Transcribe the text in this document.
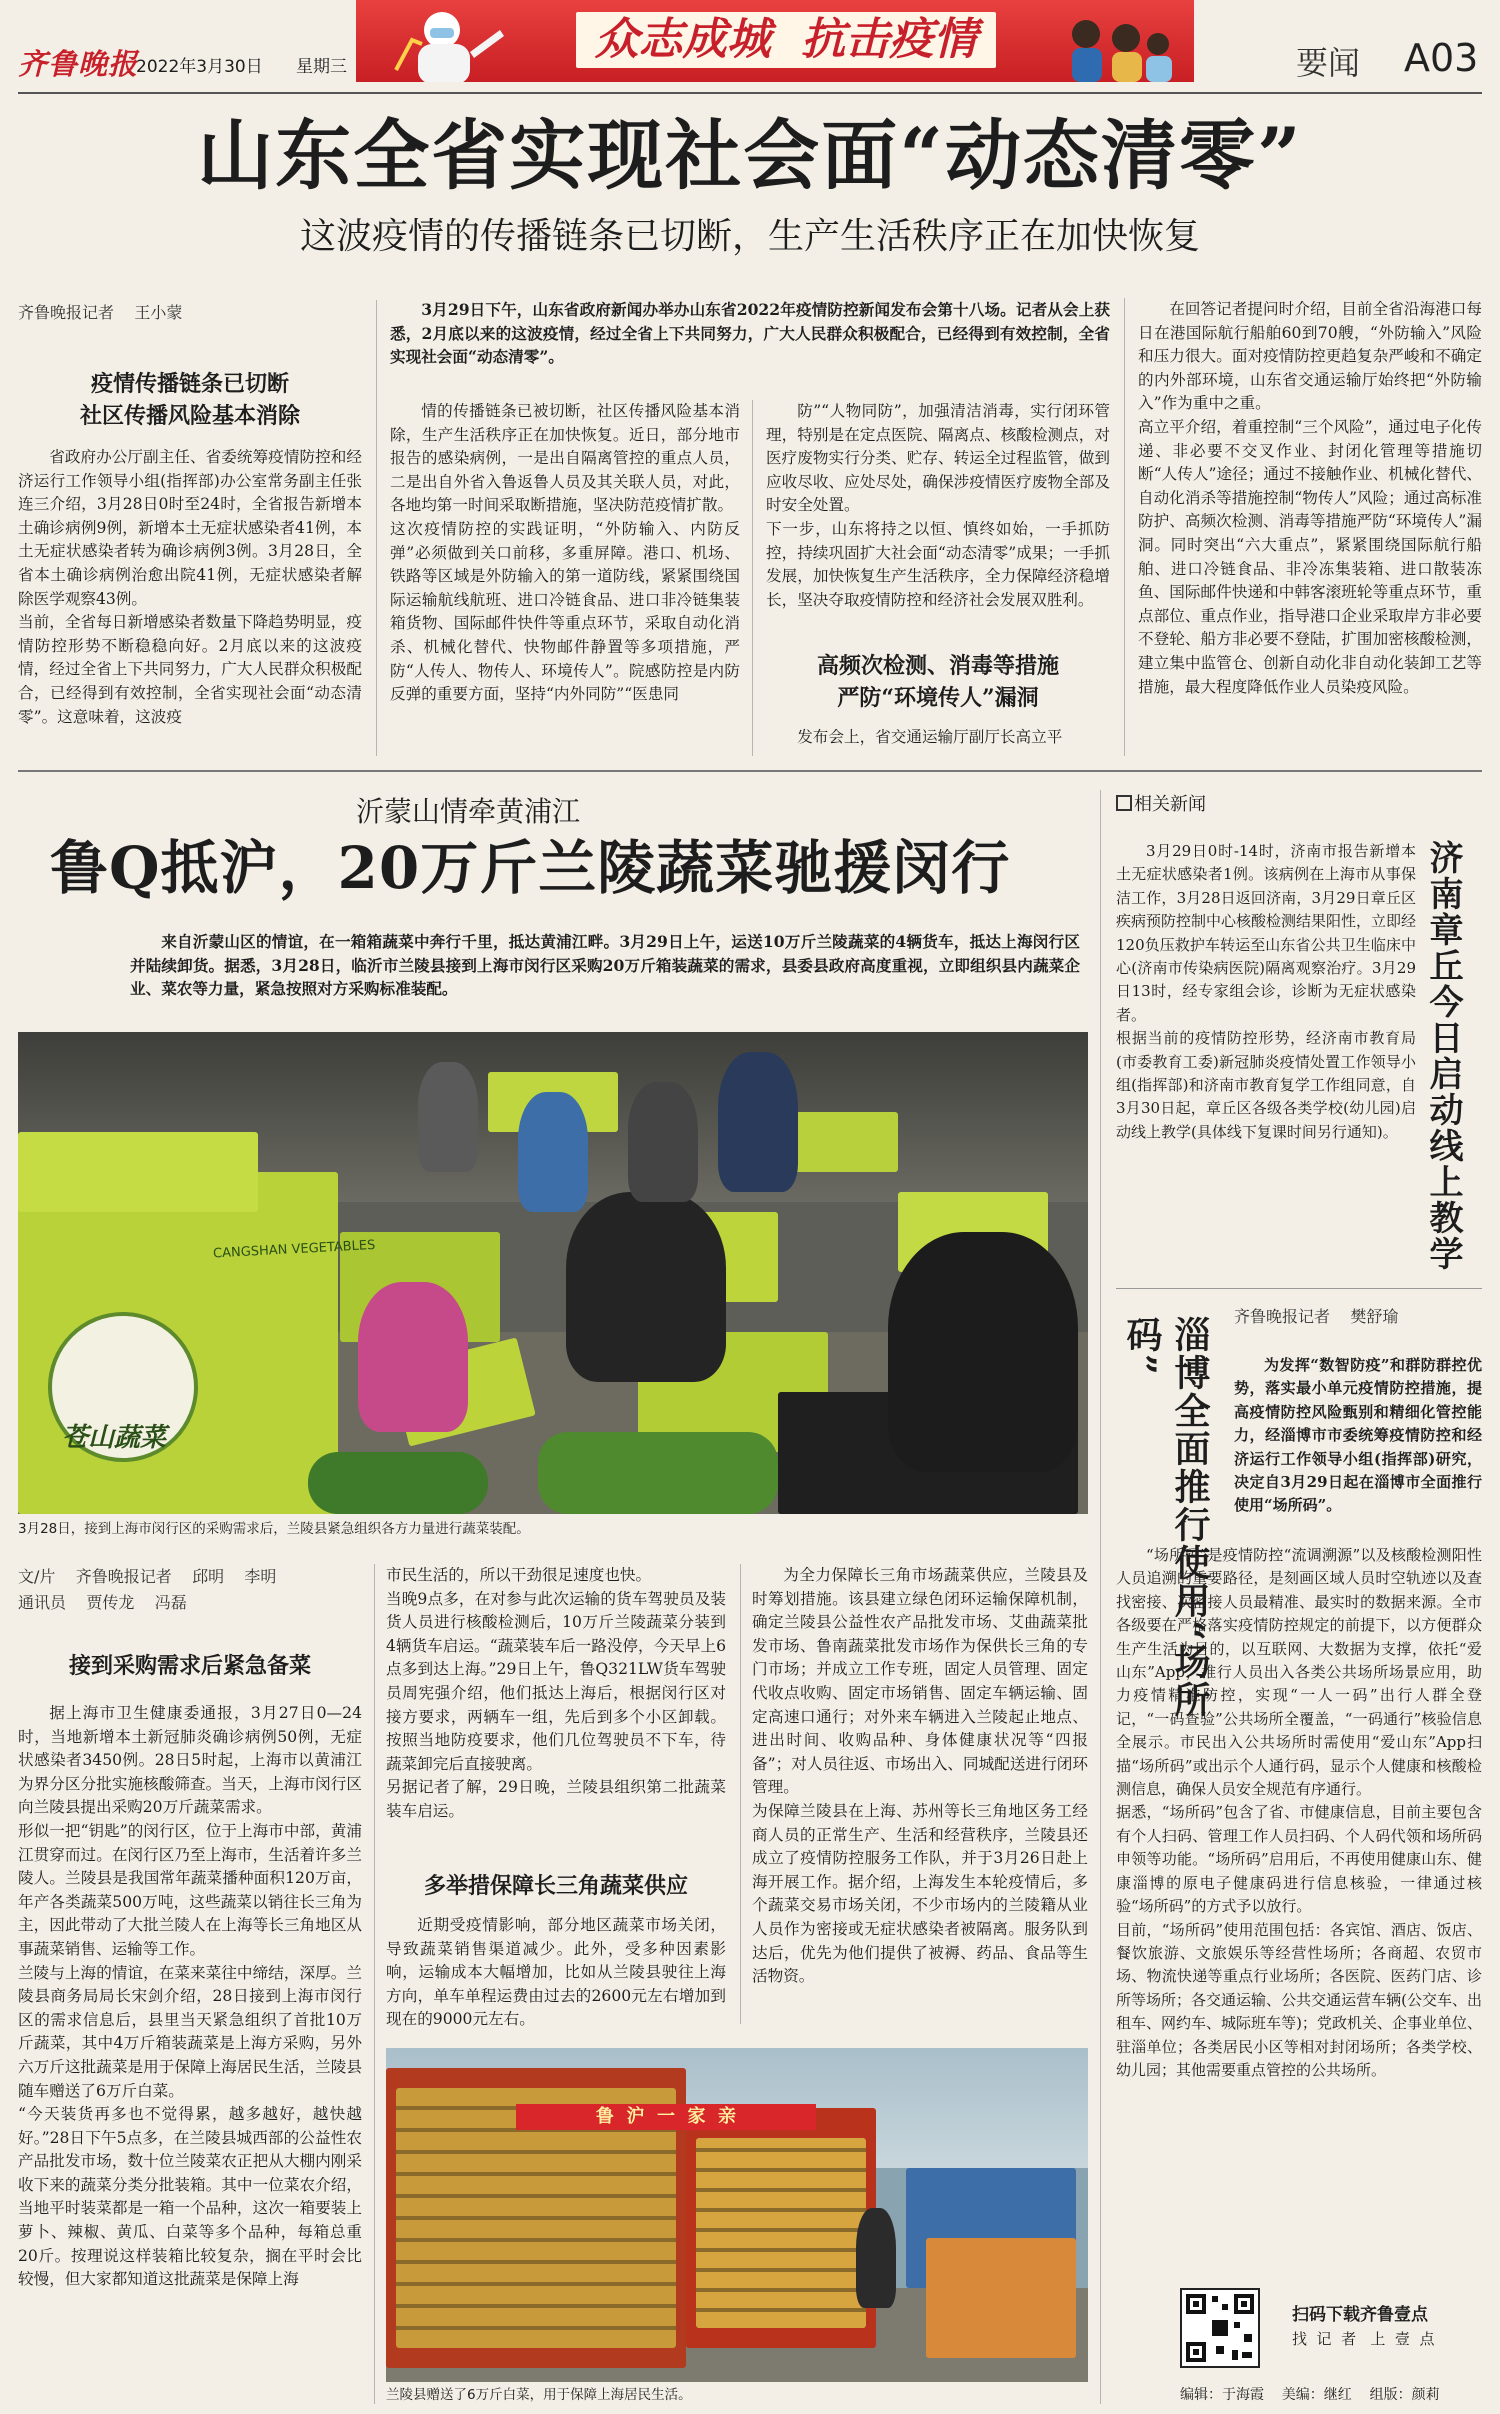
齐鲁晚报
2022年3月30日 星期三
众志成城  抗击疫情	要闻 A03
山东全省实现社会面“动态清零”
这波疫情的传播链条已切断，生产生活秩序正在加快恢复
齐鲁晚报记者    王小蒙
疫情传播链条已切断
社区传播风险基本消除
省政府办公厅副主任、省委统筹疫情防控和经济运行工作领导小组(指挥部)办公室常务副主任张连三介绍，3月28日0时至24时，全省报告新增本土确诊病例9例，新增本土无症状感染者41例，本土无症状感染者转为确诊病例3例。3月28日，全省本土确诊病例治愈出院41例，无症状感染者解除医学观察43例。
当前，全省每日新增感染者数量下降趋势明显，疫情防控形势不断稳稳向好。2月底以来的这波疫情，经过全省上下共同努力，广大人民群众积极配合，已经得到有效控制，全省实现社会面“动态清零”。这意味着，这波疫
3月29日下午，山东省政府新闻办举办山东省2022年疫情防控新闻发布会第十八场。记者从会上获悉，2月底以来的这波疫情，经过全省上下共同努力，广大人民群众积极配合，已经得到有效控制，全省实现社会面“动态清零”。
情的传播链条已被切断，社区传播风险基本消除，生产生活秩序正在加快恢复。近日，部分地市报告的感染病例，一是出自隔离管控的重点人员，二是出自外省入鲁返鲁人员及其关联人员，对此，各地均第一时间采取断措施，坚决防范疫情扩散。
这次疫情防控的实践证明，“外防输入、内防反弹”必须做到关口前移，多重屏障。港口、机场、铁路等区域是外防输入的第一道防线，紧紧围绕国际运输航线航班、进口冷链食品、进口非冷链集装箱货物、国际邮件快件等重点环节，采取自动化消杀、机械化替代、快物邮件静置等多项措施，严防“人传人、物传人、环境传人”。院感防控是内防反弹的重要方面，坚持“内外同防”“医患同
防”“人物同防”，加强清洁消毒，实行闭环管理，特别是在定点医院、隔离点、核酸检测点，对医疗废物实行分类、贮存、转运全过程监管，做到应收尽收、应处尽处，确保涉疫情医疗废物全部及时安全处置。
下一步，山东将持之以恒、慎终如始，一手抓防控，持续巩固扩大社会面“动态清零”成果；一手抓发展，加快恢复生产生活秩序，全力保障经济稳增长，坚决夺取疫情防控和经济社会发展双胜利。
高频次检测、消毒等措施
严防“环境传人”漏洞
发布会上，省交通运输厅副厅长高立平
在回答记者提问时介绍，目前全省沿海港口每日在港国际航行船舶60到70艘，“外防输入”风险和压力很大。面对疫情防控更趋复杂严峻和不确定的内外部环境，山东省交通运输厅始终把“外防输入”作为重中之重。
高立平介绍，着重控制“三个风险”，通过电子化传递、非必要不交叉作业、封闭化管理等措施切断“人传人”途径；通过不接触作业、机械化替代、自动化消杀等措施控制“物传人”风险；通过高标准防护、高频次检测、消毒等措施严防“环境传人”漏洞。同时突出“六大重点”，紧紧围绕国际航行船舶、进口冷链食品、非冷冻集装箱、进口散装冻鱼、国际邮件快递和中韩客滚班轮等重点环节，重点部位、重点作业，指导港口企业采取岸方非必要不登轮、船方非必要不登陆，扩围加密核酸检测，建立集中监管仓、创新自动化非自动化装卸工艺等措施，最大程度降低作业人员染疫风险。
沂蒙山情牵黄浦江
鲁Q抵沪，20万斤兰陵蔬菜驰援闵行
来自沂蒙山区的情谊，在一箱箱蔬菜中奔行千里，抵达黄浦江畔。3月29日上午，运送10万斤兰陵蔬菜的4辆货车，抵达上海闵行区并陆续卸货。据悉，3月28日，临沂市兰陵县接到上海市闵行区采购20万斤箱装蔬菜的需求，县委县政府高度重视，立即组织县内蔬菜企业、菜农等力量，紧急按照对方采购标准装配。
CANGSHAN VEGETABLES
苍山蔬菜
3月28日，接到上海市闵行区的采购需求后，兰陵县紧急组织各方力量进行蔬菜装配。
文/片    齐鲁晚报记者    邱明    李明
通讯员    贾传龙    冯磊
接到采购需求后紧急备菜
据上海市卫生健康委通报，3月27日0—24时，当地新增本土新冠肺炎确诊病例50例，无症状感染者3450例。28日5时起，上海市以黄浦江为界分区分批实施核酸筛查。当天，上海市闵行区向兰陵县提出采购20万斤蔬菜需求。
形似一把“钥匙”的闵行区，位于上海市中部，黄浦江贯穿而过。在闵行区乃至上海市，生活着许多兰陵人。兰陵县是我国常年蔬菜播种面积120万亩，年产各类蔬菜500万吨，这些蔬菜以销往长三角为主，因此带动了大批兰陵人在上海等长三角地区从事蔬菜销售、运输等工作。
兰陵与上海的情谊，在菜来菜往中缔结，深厚。兰陵县商务局局长宋剑介绍，28日接到上海市闵行区的需求信息后，县里当天紧急组织了首批10万斤蔬菜，其中4万斤箱装蔬菜是上海方采购，另外六万斤这批蔬菜是用于保障上海居民生活，兰陵县随车赠送了6万斤白菜。
“今天装货再多也不觉得累，越多越好，越快越好。”28日下午5点多，在兰陵县城西部的公益性农产品批发市场，数十位兰陵菜农正把从大棚内刚采收下来的蔬菜分类分批装箱。其中一位菜农介绍，当地平时装菜都是一箱一个品种，这次一箱要装上萝卜、辣椒、黄瓜、白菜等多个品种，每箱总重20斤。按理说这样装箱比较复杂，搁在平时会比较慢，但大家都知道这批蔬菜是保障上海
市民生活的，所以干劲很足速度也快。
当晚9点多，在对参与此次运输的货车驾驶员及装货人员进行核酸检测后，10万斤兰陵蔬菜分装到4辆货车启运。“蔬菜装车后一路没停，今天早上6点多到达上海。”29日上午，鲁Q321LW货车驾驶员周宪强介绍，他们抵达上海后，根据闵行区对接方要求，两辆车一组，先后到多个小区卸载。按照当地防疫要求，他们几位驾驶员不下车，待蔬菜卸完后直接驶离。
另据记者了解，29日晚，兰陵县组织第二批蔬菜装车启运。
多举措保障长三角蔬菜供应
近期受疫情影响，部分地区蔬菜市场关闭，导致蔬菜销售渠道减少。此外，受多种因素影响，运输成本大幅增加，比如从兰陵县驶往上海方向，单车单程运费由过去的2600元左右增加到现在的9000元左右。
为全力保障长三角市场蔬菜供应，兰陵县及时筹划措施。该县建立绿色闭环运输保障机制，确定兰陵县公益性农产品批发市场、艾曲蔬菜批发市场、鲁南蔬菜批发市场作为保供长三角的专门市场；并成立工作专班，固定人员管理、固定代收点收购、固定市场销售、固定车辆运输、固定高速口通行；对外来车辆进入兰陵起止地点、进出时间、收购品种、身体健康状况等“四报备”；对人员往返、市场出入、同城配送进行闭环管理。
为保障兰陵县在上海、苏州等长三角地区务工经商人员的正常生产、生活和经营秩序，兰陵县还成立了疫情防控服务工作队，并于3月26日赴上海开展工作。据介绍，上海发生本轮疫情后，多个蔬菜交易市场关闭，不少市场内的兰陵籍从业人员作为密接或无症状感染者被隔离。服务队到达后，优先为他们提供了被褥、药品、食品等生活物资。
鲁  沪  一  家  亲
兰陵县赠送了6万斤白菜，用于保障上海居民生活。
相关新闻
3月29日0时-14时，济南市报告新增本土无症状感染者1例。该病例在上海市从事保洁工作，3月28日返回济南，3月29日章丘区疾病预防控制中心核酸检测结果阳性，立即经120负压救护车转运至山东省公共卫生临床中心(济南市传染病医院)隔离观察治疗。3月29日13时，经专家组会诊，诊断为无症状感染者。
根据当前的疫情防控形势，经济南市教育局(市委教育工委)新冠肺炎疫情处置工作领导小组(指挥部)和济南市教育复学工作组同意，自3月30日起，章丘区各级各类学校(幼儿园)启动线上教学(具体线下复课时间另行通知)。 济南章丘今日启动线上教学
淄博全面推行使用“场所码”	齐鲁晚报记者    樊舒瑜
为发挥“数智防疫”和群防群控优势，落实最小单元疫情防控措施，提高疫情防控风险甄别和精细化管控能力，经淄博市市委统筹疫情防控和经济运行工作领导小组(指挥部)研究，决定自3月29日起在淄博市全面推行使用“场所码”。
“场所码”是疫情防控“流调溯源”以及核酸检测阳性人员追溯的重要路径，是刻画区域人员时空轨迹以及查找密接、次密接人员最精准、最实时的数据来源。全市各级要在严格落实疫情防控规定的前提下，以方便群众生产生活为目的，以互联网、大数据为支撑，依托“爱山东”App，推行人员出入各类公共场所场景应用，助力疫情精准防控，实现“一人一码”出行人群全登记，“一码查验”公共场所全覆盖，“一码通行”核验信息全展示。市民出入公共场所时需使用“爱山东”App扫描“场所码”或出示个人通行码，显示个人健康和核酸检测信息，确保人员安全规范有序通行。
据悉，“场所码”包含了省、市健康信息，目前主要包含有个人扫码、管理工作人员扫码、个人码代领和场所码申领等功能。“场所码”启用后，不再使用健康山东、健康淄博的原电子健康码进行信息核验，一律通过核验“场所码”的方式予以放行。
目前，“场所码”使用范围包括：各宾馆、酒店、饭店、餐饮旅游、文旅娱乐等经营性场所；各商超、农贸市场、物流快递等重点行业场所；各医院、医药门店、诊所等场所；各交通运输、公共交通运营车辆(公交车、出租车、网约车、城际班车等)；党政机关、企事业单位、驻淄单位；各类居民小区等相对封闭场所；各类学校、幼儿园；其他需要重点管控的公共场所。
扫码下载齐鲁壹点
找  记  者   上  壹  点
编辑：于海霞    美编：继红    组版：颜莉
